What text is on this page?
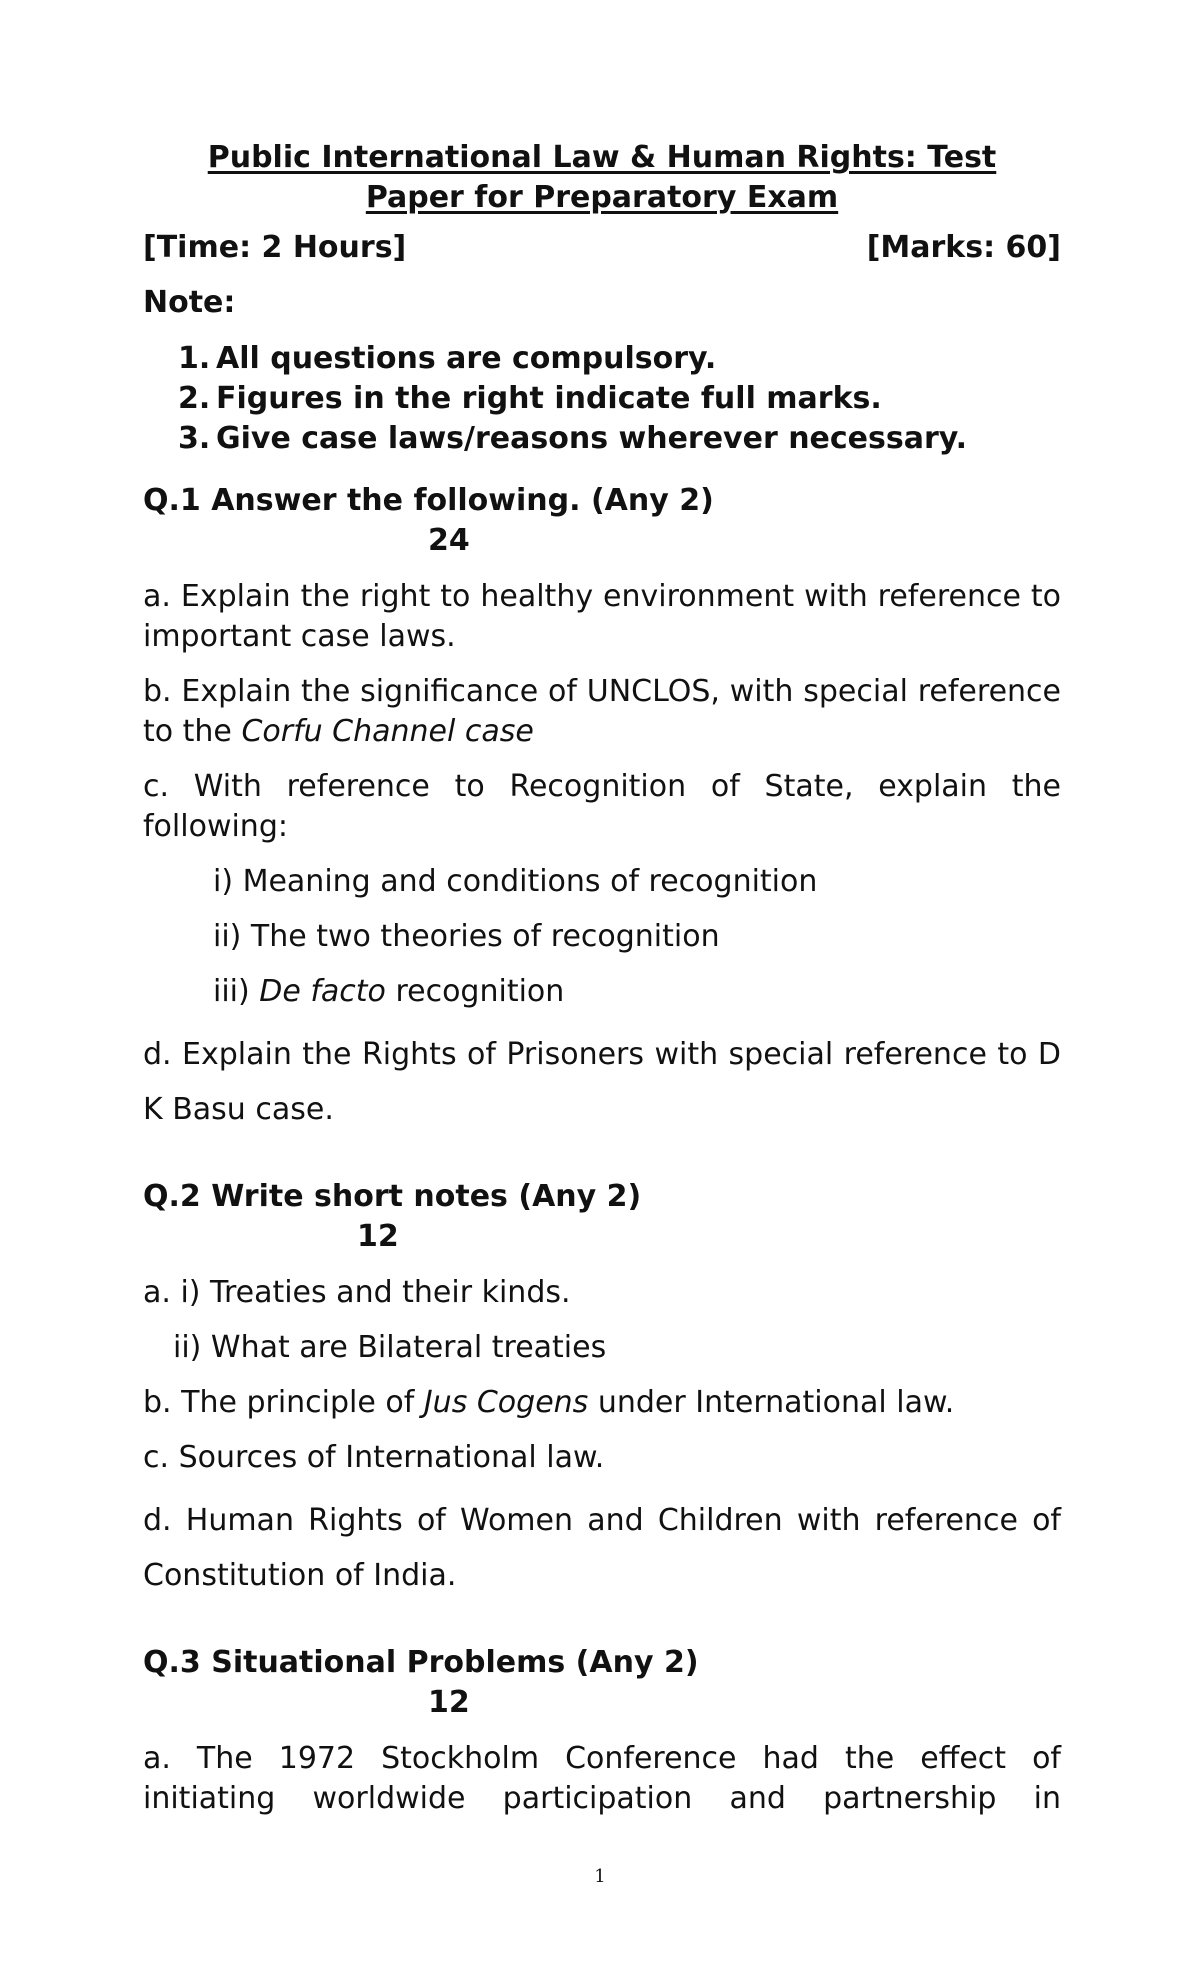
Public International Law & Human Rights: Test
Paper for Preparatory Exam
[Time: 2 Hours]	[Marks: 60]
Note:
1. All questions are compulsory.
2. Figures in the right indicate full marks.
3. Give case laws/reasons wherever necessary.
Q.1 Answer the following. (Any 2)
24
a. Explain the right to healthy environment with reference to important case laws.
b. Explain the significance of UNCLOS, with special reference to the Corfu Channel case
c. With reference to Recognition of State, explain the following:
i) Meaning and conditions of recognition
ii) The two theories of recognition
iii) De facto recognition
d. Explain the Rights of Prisoners with special reference to D K Basu case.
Q.2 Write short notes (Any 2)
12
a. i) Treaties and their kinds.
ii) What are Bilateral treaties
b. The principle of Jus Cogens under International law.
c. Sources of International law.
d. Human Rights of Women and Children with reference of Constitution of India.
Q.3 Situational Problems (Any 2)
12
a. The 1972 Stockholm Conference had the effect of initiating worldwide participation and partnership in
1
